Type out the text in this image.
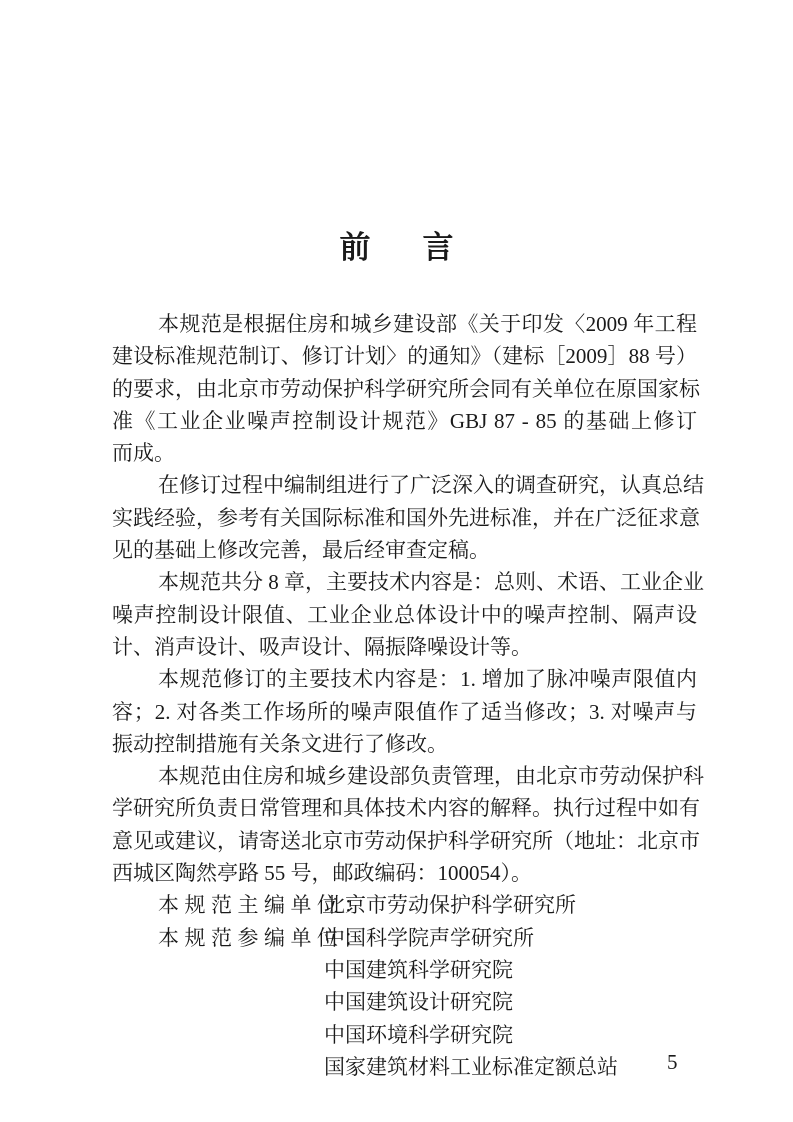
前 言
本规范是根据住房和城乡建设部《关于印发〈2009 年工程
建设标准规范制订、修订计划〉的通知》（建标［2009］88 号）
的要求，由北京市劳动保护科学研究所会同有关单位在原国家标
准《工业企业噪声控制设计规范》GBJ 87 - 85 的基础上修订
而成。
在修订过程中编制组进行了广泛深入的调查研究，认真总结
实践经验，参考有关国际标准和国外先进标准，并在广泛征求意
见的基础上修改完善，最后经审查定稿。
本规范共分 8 章，主要技术内容是：总则、术语、工业企业
噪声控制设计限值、工业企业总体设计中的噪声控制、隔声设
计、消声设计、吸声设计、隔振降噪设计等。
本规范修订的主要技术内容是：1. 增加了脉冲噪声限值内
容；2. 对各类工作场所的噪声限值作了适当修改；3. 对噪声与
振动控制措施有关条文进行了修改。
本规范由住房和城乡建设部负责管理，由北京市劳动保护科
学研究所负责日常管理和具体技术内容的解释。执行过程中如有
意见或建议，请寄送北京市劳动保护科学研究所（地址：北京市
西城区陶然亭路 55 号，邮政编码：100054）。
本规范主编单位：
北京市劳动保护科学研究所
本规范参编单位：
中国科学院声学研究所
中国建筑科学研究院
中国建筑设计研究院
中国环境科学研究院
国家建筑材料工业标准定额总站 5
